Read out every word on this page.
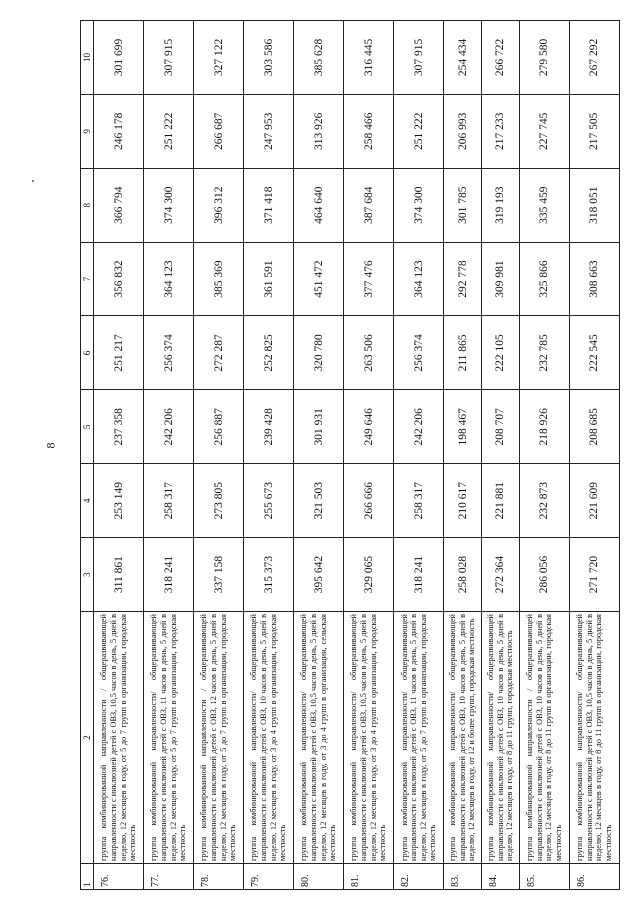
8
1	2	3	4	5	6	7	8	9	10
76.	группа комбинированной направленности / общеразвивающей направленности с инклюзией детей с ОВЗ, 10,5 часов в день, 5 дней в неделю, 12 месяцев в году, от 5 до 7 групп в организации, городская местность	311 861	253 149	237 358	251 217	356 832	366 794	246 178	301 699
77.	группа комбинированной направленности/ общеразвивающей направленности с инклюзией детей с ОВЗ, 11 часов в день, 5 дней в неделю, 12 месяцев в году, от 5 до 7 групп в организации, городская местность	318 241	258 317	242 206	256 374	364 123	374 300	251 222	307 915
78.	группа комбинированной направленности / общеразвивающей направленности с инклюзией детей с ОВЗ, 12 часов в день, 5 дней в неделю, 12 месяцев в году, от 5 до 7 групп в организации, городская местность	337 158	273 805	256 887	272 287	385 369	396 312	266 687	327 122
79.	группа комбинированной направленности/ общеразвивающей направленности с инклюзией детей с ОВЗ, 10 часов в день, 5 дней в неделю, 12 месяцев в году, от 3 до 4 групп в организации, городская местность	315 373	255 673	239 428	252 825	361 591	371 418	247 953	303 586
80.	группа комбинированной направленности/ общеразвивающей направленности с инклюзией детей с ОВЗ, 10,5 часов в день, 5 дней в неделю, 12 месяцев в году, от 3 до 4 групп в организации, сельская местность	395 642	321 503	301 931	320 780	451 472	464 640	313 926	385 628
81.	группа комбинированной направленности/ общеразвивающей направленности с инклюзией детей с ОВЗ, 10,5 часов в день, 5 дней в неделю, 12 месяцев в году, от 3 до 4 групп в организации, городская местность	329 065	266 666	249 646	263 506	377 476	387 684	258 466	316 445
82.	группа комбинированной направленности/ общеразвивающей направленности с инклюзией детей с ОВЗ, 11 часов в день, 5 дней в неделю, 12 месяцев в году, от 5 до 7 групп в организации, городская местность	318 241	258 317	242 206	256 374	364 123	374 300	251 222	307 915
83.	группа комбинированной направленности/ общеразвивающей направленности с инклюзией детей с ОВЗ, 10 часов в день, 5 дней в неделю, 12 месяцев в году, от 12 и более групп, городская местность	258 028	210 617	198 467	211 865	292 778	301 785	206 993	254 434
84.	группа комбинированной направленности/ общеразвивающей направленности с инклюзией детей с ОВЗ, 10 часов в день, 5 дней в неделю, 12 месяцев в году, от 8 до 11 групп, городская местность	272 364	221 881	208 707	222 105	309 981	319 193	217 233	266 722
85.	группа комбинированной направленности / общеразвивающей направленности с инклюзией детей с ОВЗ, 10 часов в день, 5 дней в неделю, 12 месяцев в году, от 8 до 11 групп в организации, городская местность	286 056	232 873	218 926	232 785	325 866	335 459	227 745	279 580
86.	группа комбинированной направленности/ общеразвивающей направленности с инклюзией детей с ОВЗ, 10,5 часов в день, 5 дней в неделю, 12 месяцев в году, от 8 до 11 групп в организации, городская местность	271 720	221 609	208 685	222 545	308 663	318 051	217 505	267 292
